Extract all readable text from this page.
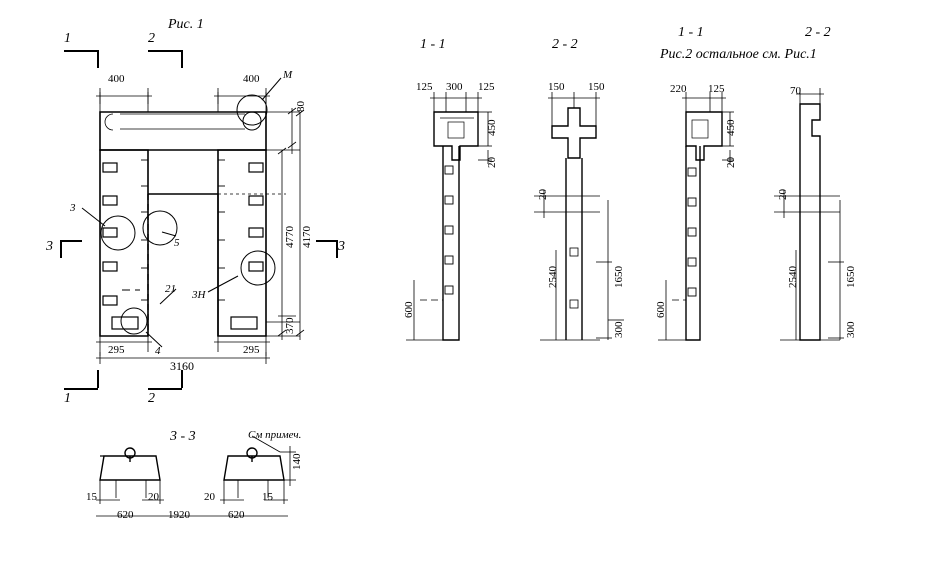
Рис. 1
1	2
1	2
3	3
400	400
295	295
3160
80
4770 4170
370
3
5
21
4
M
3Н
1 - 1	2 - 2
1 - 1	2 - 2
Рис.2 остальное см. Рис.1
125 300 125
450
20
600
150 150
20
2540	1650
300
220 125
450
20
600
70
20
2540	1650
300
3 - 3	См примеч.
140
15	20
620	1920
20
620
15
